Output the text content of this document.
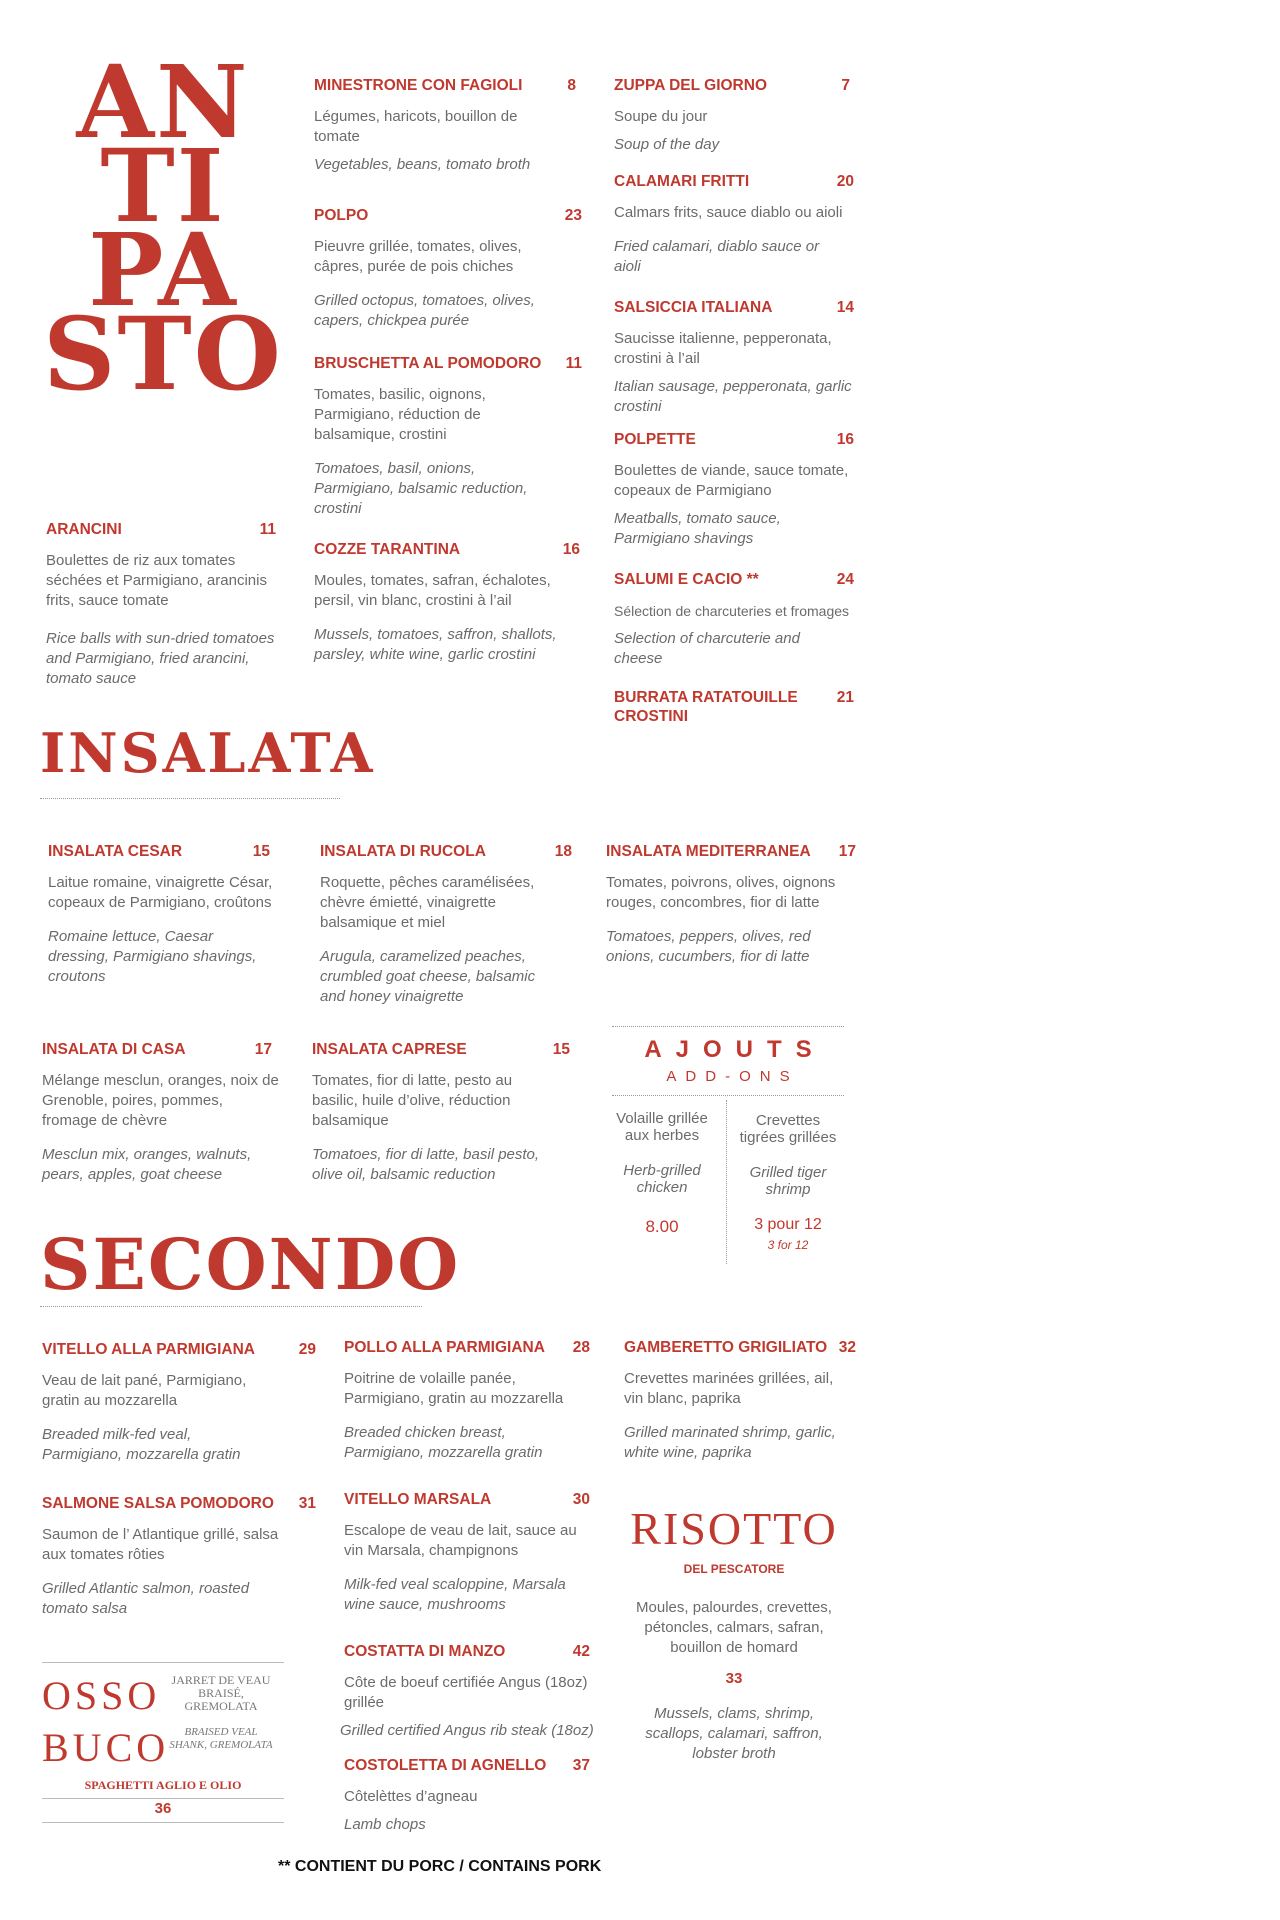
AN
TI
PA
STO
ARANCINI	11
Boulettes de riz aux tomates séchées et Parmigiano, arancinis frits, sauce tomate
Rice balls with sun-dried tomatoes and Parmigiano, fried arancini, tomato sauce
MINESTRONE CON FAGIOLI	8
Légumes, haricots, bouillon de tomate
Vegetables, beans, tomato broth
POLPO	23
Pieuvre grillée, tomates, olives, câpres, purée de pois chiches
Grilled octopus, tomatoes, olives, capers, chickpea purée
BRUSCHETTA AL POMODORO 11
Tomates, basilic, oignons, Parmigiano, réduction de balsamique, crostini
Tomatoes, basil, onions, Parmigiano, balsamic reduction, crostini
COZZE TARANTINA	16
Moules, tomates, safran, échalotes, persil, vin blanc, crostini à l’ail
Mussels, tomatoes, saffron, shallots, parsley, white wine, garlic crostini
ZUPPA DEL GIORNO	7
Soupe du jour
Soup of the day
CALAMARI FRITTI	20
Calmars frits, sauce diablo ou aioli
Fried calamari, diablo sauce or aioli
SALSICCIA ITALIANA	14
Saucisse italienne, pepperonata, crostini à l’ail
Italian sausage, pepperonata, garlic crostini
POLPETTE	16
Boulettes de viande, sauce tomate, copeaux de Parmigiano
Meatballs, tomato sauce, Parmigiano shavings
SALUMI E CACIO **	24
Sélection de charcuteries et fromages
Selection of charcuterie and cheese
BURRATA RATATOUILLE CROSTINI
21
INSALATA
INSALATA CESAR	15
Laitue romaine, vinaigrette César, copeaux de Parmigiano, croûtons
Romaine lettuce, Caesar dressing, Parmigiano shavings, croutons
INSALATA DI RUCOLA	18
Roquette, pêches caramélisées, chèvre émietté, vinaigrette balsamique et miel
Arugula, caramelized peaches, crumbled goat cheese, balsamic and honey vinaigrette
INSALATA MEDITERRANEA 17
Tomates, poivrons, olives, oignons rouges, concombres, fior di latte
Tomatoes, peppers, olives, red onions, cucumbers, fior di latte
INSALATA DI CASA	17
Mélange mesclun, oranges, noix de Grenoble, poires, pommes, fromage de chèvre
Mesclun mix, oranges, walnuts, pears, apples, goat cheese
INSALATA CAPRESE	15
Tomates, fior di latte, pesto au basilic, huile d’olive, réduction balsamique
Tomatoes, fior di latte, basil pesto, olive oil, balsamic reduction
AJOUTS
ADD-ONS
Volaille grillée aux herbes
Herb-grilled chicken
8.00
Crevettes tigrées grillées
Grilled tiger shrimp
3 pour 12
3 for 12
SECONDO
VITELLO ALLA PARMIGIANA	29
Veau de lait pané, Parmigiano, gratin au mozzarella
Breaded milk-fed veal, Parmigiano, mozzarella gratin
SALMONE SALSA POMODORO 31
Saumon de l’ Atlantique grillé, salsa aux tomates rôties
Grilled Atlantic salmon, roasted tomato salsa
OSSO
BUCO
JARRET DE VEAU BRAISÉ, GREMOLATA
BRAISED VEAL SHANK, GREMOLATA
SPAGHETTI AGLIO E OLIO
36
POLLO ALLA PARMIGIANA 28
Poitrine de volaille panée, Parmigiano, gratin au mozzarella
Breaded chicken breast, Parmigiano, mozzarella gratin
VITELLO MARSALA	30
Escalope de veau de lait, sauce au vin Marsala, champignons
Milk-fed veal scaloppine, Marsala wine sauce, mushrooms
COSTATTA DI MANZO	42
Côte de boeuf certifiée Angus (18oz) grillée
Grilled certified Angus rib steak (18oz)
COSTOLETTA DI AGNELLO 37
Côtelèttes d’agneau
Lamb chops
GAMBERETTO GRIGILIATO 32
Crevettes marinées grillées, ail, vin blanc, paprika
Grilled marinated shrimp, garlic, white wine, paprika
RISOTTO
DEL PESCATORE
Moules, palourdes, crevettes, pétoncles, calmars, safran, bouillon de homard
33
Mussels, clams, shrimp, scallops, calamari, saffron, lobster broth
** CONTIENT DU PORC / CONTAINS PORK
